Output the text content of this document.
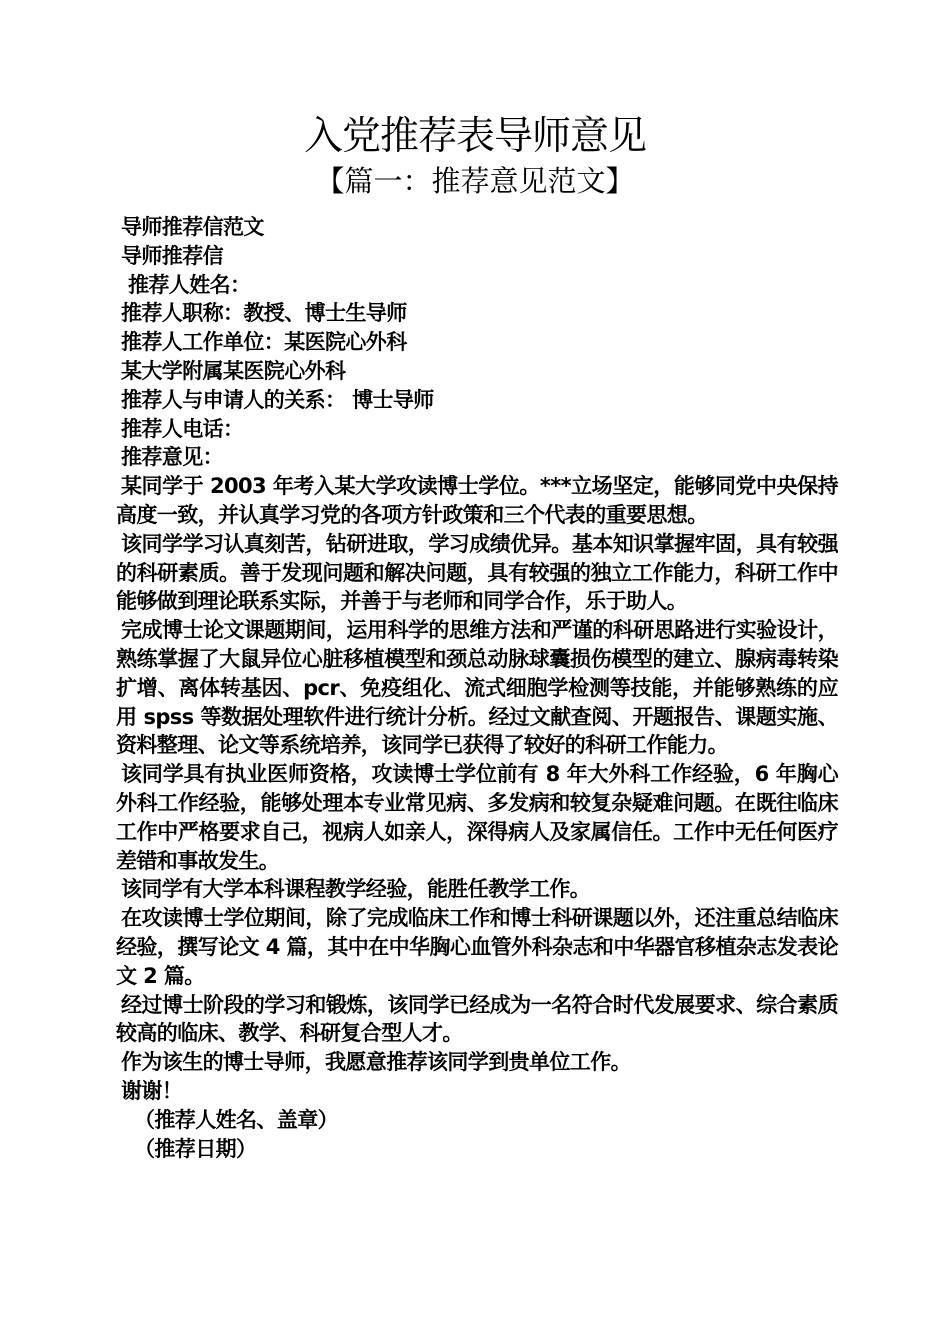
入党推荐表导师意见
【篇一：推荐意见范文】
导师推荐信范文
导师推荐信
推荐人姓名：
推荐人职称：教授、博士生导师
推荐人工作单位：某医院心外科
某大学附属某医院心外科
推荐人与申请人的关系： 博士导师
推荐人电话：
推荐意见：
某同学于 2003 年考入某大学攻读博士学位。***立场坚定，能够同党中央保持高度一致，并认真学习党的各项方针政策和三个代表的重要思想。
该同学学习认真刻苦，钻研进取，学习成绩优异。基本知识掌握牢固，具有较强的科研素质。善于发现问题和解决问题，具有较强的独立工作能力，科研工作中能够做到理论联系实际，并善于与老师和同学合作，乐于助人。
完成博士论文课题期间，运用科学的思维方法和严谨的科研思路进行实验设计，熟练掌握了大鼠异位心脏移植模型和颈总动脉球囊损伤模型的建立、腺病毒转染扩增、离体转基因、pcr、免疫组化、流式细胞学检测等技能，并能够熟练的应用 spss 等数据处理软件进行统计分析。经过文献查阅、开题报告、课题实施、资料整理、论文等系统培养，该同学已获得了较好的科研工作能力。
该同学具有执业医师资格，攻读博士学位前有 8 年大外科工作经验，6 年胸心外科工作经验，能够处理本专业常见病、多发病和较复杂疑难问题。在既往临床工作中严格要求自己，视病人如亲人，深得病人及家属信任。工作中无任何医疗差错和事故发生。
该同学有大学本科课程教学经验，能胜任教学工作。
在攻读博士学位期间，除了完成临床工作和博士科研课题以外，还注重总结临床经验，撰写论文 4 篇，其中在中华胸心血管外科杂志和中华器官移植杂志发表论文 2 篇。
经过博士阶段的学习和锻炼，该同学已经成为一名符合时代发展要求、综合素质较高的临床、教学、科研复合型人才。
作为该生的博士导师，我愿意推荐该同学到贵单位工作。
谢谢！
（推荐人姓名、盖章）
（推荐日期）
